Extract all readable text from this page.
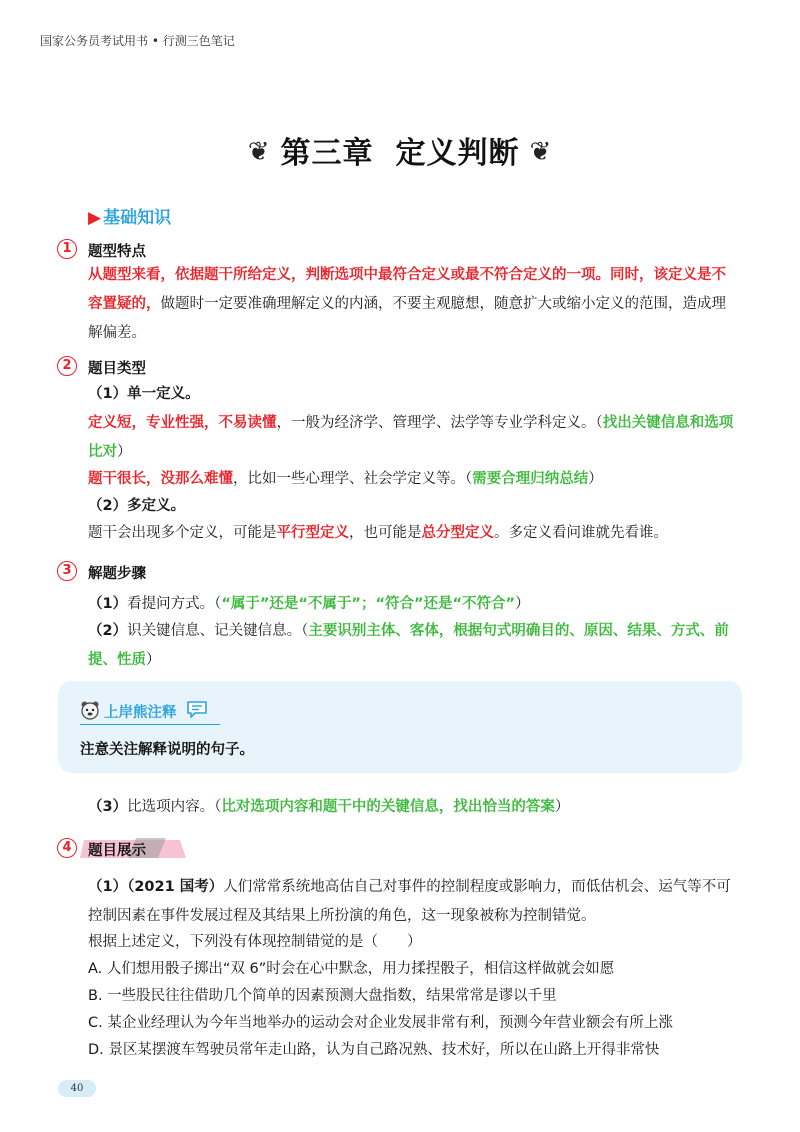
国家公务员考试用书 • 行测三色笔记
❦ 第三章 定义判断 ❦
▶ 基础知识
1	题型特点
从题型来看，依据题干所给定义，判断选项中最符合定义或最不符合定义的一项。同时，该定义是不容置疑的，做题时一定要准确理解定义的内涵，不要主观臆想，随意扩大或缩小定义的范围，造成理解偏差。
2	题目类型
（1）单一定义。
定义短，专业性强，不易读懂，一般为经济学、管理学、法学等专业学科定义。（找出关键信息和选项比对）
题干很长，没那么难懂，比如一些心理学、社会学定义等。（需要合理归纳总结）
（2）多定义。
题干会出现多个定义，可能是平行型定义，也可能是总分型定义。多定义看问谁就先看谁。
3	解题步骤
（1）看提问方式。（“属于”还是“不属于”；“符合”还是“不符合”）
（2）识关键信息、记关键信息。（主要识别主体、客体，根据句式明确目的、原因、结果、方式、前提、性质）
上岸熊注释
注意关注解释说明的句子。
（3）比选项内容。（比对选项内容和题干中的关键信息，找出恰当的答案）
4	题目展示
（1）（2021 国考）人们常常系统地高估自己对事件的控制程度或影响力，而低估机会、运气等不可控制因素在事件发展过程及其结果上所扮演的角色，这一现象被称为控制错觉。
根据上述定义，下列没有体现控制错觉的是（　　）
A. 人们想用骰子掷出“双 6”时会在心中默念，用力揉捏骰子，相信这样做就会如愿
B. 一些股民往往借助几个简单的因素预测大盘指数，结果常常是谬以千里
C. 某企业经理认为今年当地举办的运动会对企业发展非常有利，预测今年营业额会有所上涨
D. 景区某摆渡车驾驶员常年走山路，认为自己路况熟、技术好，所以在山路上开得非常快
40
